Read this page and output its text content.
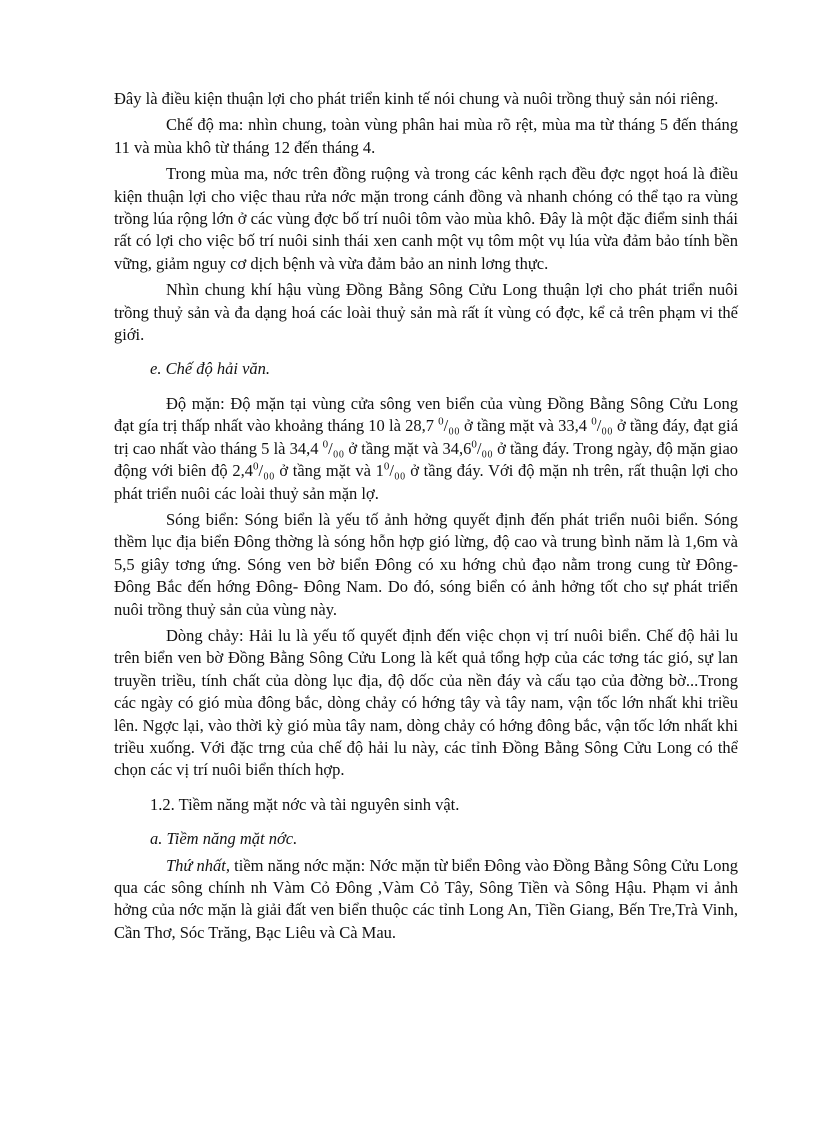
Đây là điều kiện thuận lợi cho phát triển kinh tế nói chung và nuôi trồng thuỷ sản nói riêng.

Chế độ ma: nhìn chung, toàn vùng phân hai mùa rõ rệt, mùa ma từ tháng 5 đến tháng 11 và mùa khô từ tháng 12 đến tháng 4.

Trong mùa ma, nớc trên đồng ruộng và trong các kênh rạch đều đợc ngọt hoá là điều kiện thuận lợi cho việc thau rửa nớc mặn trong cánh đồng và nhanh chóng có thể tạo ra vùng trồng lúa rộng lớn ở các vùng đợc bố trí nuôi tôm vào mùa khô. Đây là một đặc điểm sinh thái rất có lợi cho việc bố trí nuôi sinh thái xen canh một vụ tôm một vụ lúa vừa đảm bảo tính bền vững, giảm nguy cơ dịch bệnh và vừa đảm bảo an ninh lơng thực.

Nhìn chung khí hậu vùng Đồng Bằng Sông Cửu Long thuận lợi cho phát triển nuôi trồng thuỷ sản và đa dạng hoá các loài thuỷ sản mà rất ít vùng có đợc, kể cả trên phạm vi thế giới.

e. Chế độ hải văn.

Độ mặn: Độ mặn tại vùng cửa sông ven biển của vùng Đồng Bằng Sông Cửu Long đạt gía trị thấp nhất vào khoảng tháng 10 là 28,7 $^0$/₀₀ ở tầng mặt và 33,4 $^0$/₀₀ ở tầng đáy, đạt giá trị cao nhất vào tháng 5 là 34,4 $^0$/₀₀ ở tầng mặt và 34,6$^0$/₀₀ ở tầng đáy. Trong ngày, độ mặn giao động với biên độ $2,4^0/_{00}$ ở tầng mặt và $1^0/_{00}$ ở tầng đáy. Với độ mặn nh trên, rất thuận lợi cho phát triển nuôi các loài thuỷ sản mặn lợ.

Sóng biển: Sóng biển là yếu tố ảnh hởng quyết định đến phát triển nuôi biển. Sóng thềm lục địa biển Đông thờng là sóng hỗn hợp gió lừng, độ cao và trung bình năm là 1,6m và 5,5 giây tơng ứng. Sóng ven bờ biển Đông có xu hớng chủ đạo nằm trong cung từ Đông- Đông Bắc đến hớng Đông- Đông Nam. Do đó, sóng biển có ảnh hởng tốt cho sự phát triển nuôi trồng thuỷ sản của vùng này.

Dòng chảy: Hải lu là yếu tố quyết định đến việc chọn vị trí nuôi biển. Chế độ hải lu trên biển ven bờ Đồng Bằng Sông Cửu Long là kết quả tổng hợp của các tơng tác gió, sự lan truyền triều, tính chất của dòng lục địa, độ dốc của nền đáy và cấu tạo của đờng bờ...Trong các ngày có gió mùa đông bắc, dòng chảy có hớng tây và tây nam, vận tốc lớn nhất khi triều lên. Ngợc lại, vào thời kỳ gió mùa tây nam, dòng chảy có hớng đông bắc, vận tốc lớn nhất khi triều xuống. Với đặc trng của chế độ hải lu này, các tỉnh Đồng Bằng Sông Cửu Long có thể chọn các vị trí nuôi biển thích hợp.

1.2. Tiềm năng mặt nớc và tài nguyên sinh vật.

a. Tiềm năng mặt nớc.

Thứ nhất, tiềm năng nớc mặn: Nớc mặn từ biển Đông vào Đồng Bằng Sông Cửu Long qua các sông chính nh Vàm Cỏ Đông ,Vàm Cỏ Tây, Sông Tiền và Sông Hậu. Phạm vi ảnh hởng của nớc mặn là giải đất ven biển thuộc các tỉnh Long An, Tiền Giang, Bến Tre,Trà Vinh, Cần Thơ, Sóc Trăng, Bạc Liêu và Cà Mau.
